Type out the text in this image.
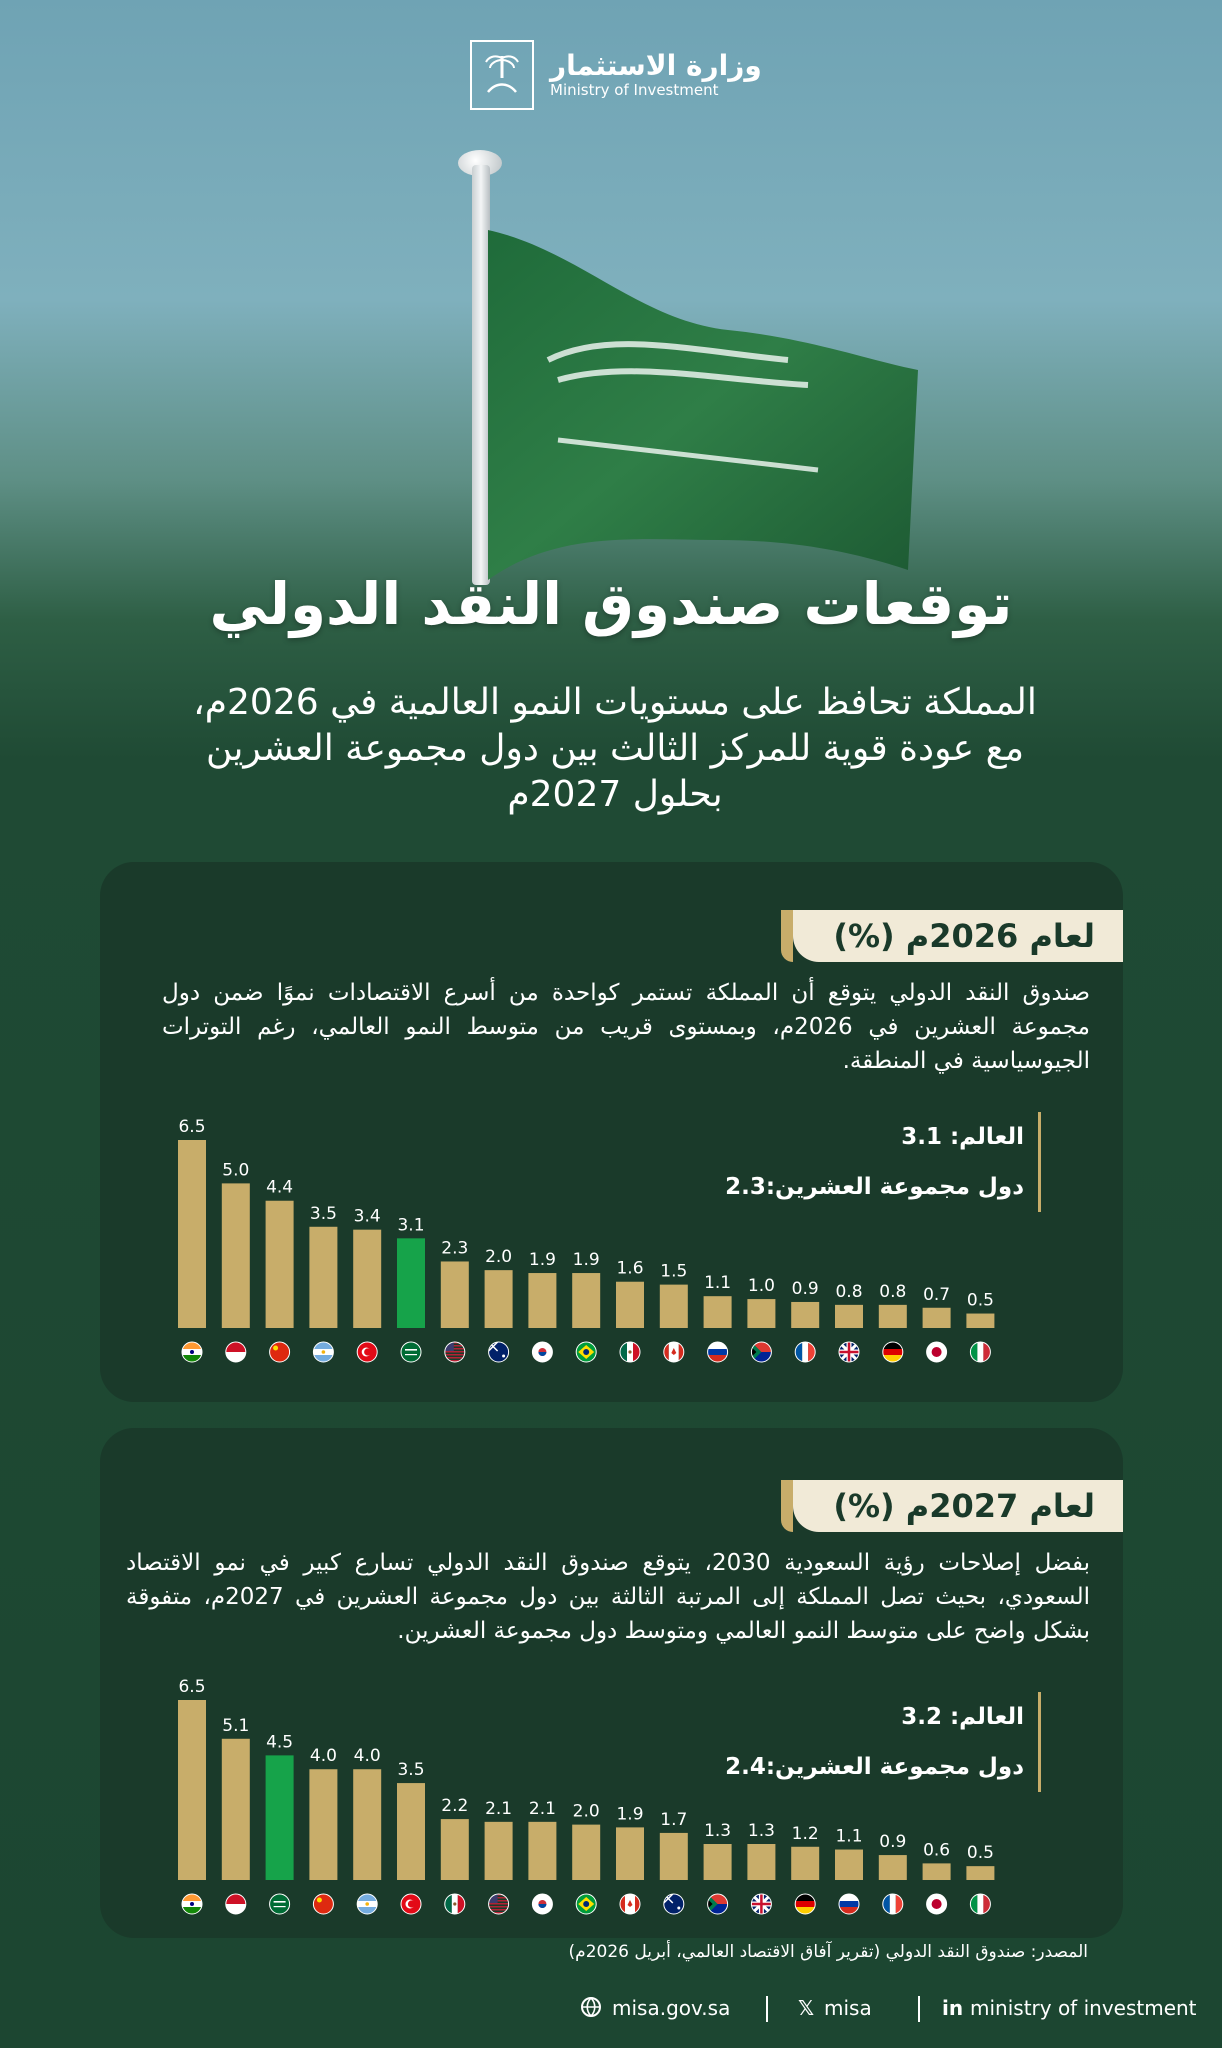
وزارة الاستثمار
Ministry of Investment
توقعات صندوق النقد الدولي
المملكة تحافظ على مستويات النمو العالمية في 2026م،
مع عودة قوية للمركز الثالث بين دول مجموعة العشرين
بحلول 2027م
لعام 2026م (%)
صندوق النقد الدولي يتوقع أن المملكة تستمر كواحدة من أسرع الاقتصادات نموًا ضمن دول مجموعة العشرين في 2026م، وبمستوى قريب من متوسط النمو العالمي، رغم التوترات الجيوسياسية في المنطقة.
العالم: 3.1
دول مجموعة العشرين:2.3
6.5
5.0
4.4
3.5 3.4 3.1
2.3 2.0 1.9 1.9 1.6 1.5
1.1 1.0 0.9 0.8 0.8 0.7 0.5
لعام 2027م (%)
بفضل إصلاحات رؤية السعودية 2030، يتوقع صندوق النقد الدولي تسارع كبير في نمو الاقتصاد السعودي، بحيث تصل المملكة إلى المرتبة الثالثة بين دول مجموعة العشرين في 2027م، متفوقة بشكل واضح على متوسط النمو العالمي ومتوسط دول مجموعة العشرين.
العالم: 3.2
دول مجموعة العشرين:2.4
6.5
5.1
4.5
4.0 4.0
3.5
2.2 2.1 2.1 2.0 1.9 1.7
1.3 1.3 1.2 1.1 0.9 0.6 0.5
المصدر: صندوق النقد الدولي (تقرير آفاق الاقتصاد العالمي، أبريل 2026م)
misa.gov.sa	𝕏 misa	in ministry of investment
